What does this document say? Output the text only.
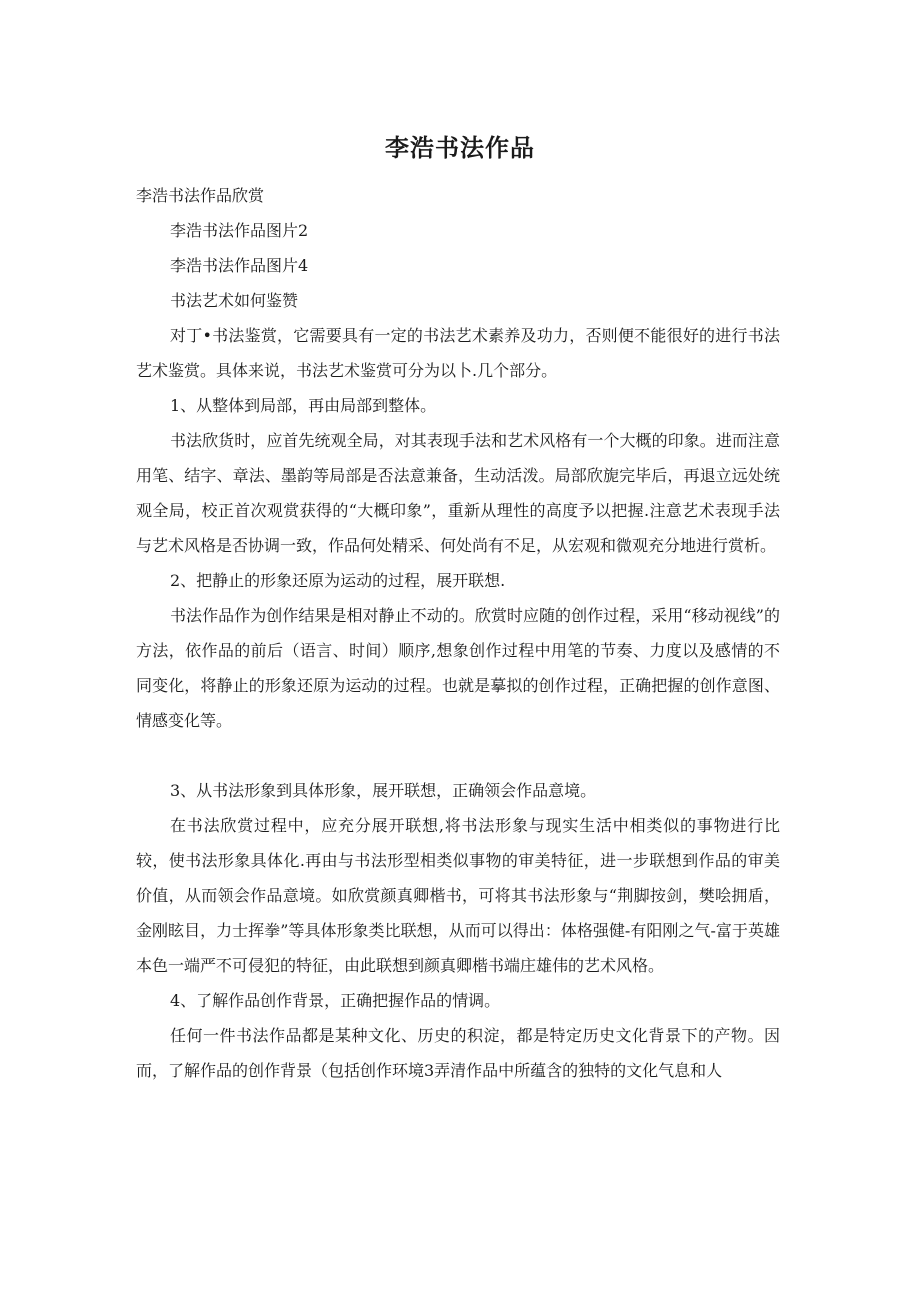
李浩书法作品

李浩书法作品欣赏

李浩书法作品图片2

李浩书法作品图片4

书法艺术如何鉴赞

对丁•书法鉴赏，它需要具有一定的书法艺术素养及功力，否则便不能很好的进行书法艺术鉴赏。具体来说，书法艺术鉴赏可分为以卜.几个部分。

1、从整体到局部，再由局部到整体。

书法欣货时，应首先统观全局，对其表现手法和艺术风格有一个大概的印象。进而注意用笔、结字、章法、墨韵等局部是否法意兼备，生动活泼。局部欣旎完毕后，再退立远处统观全局，校正首次观赏获得的“大概印象”，重新从理性的高度予以把握.注意艺术表现手法与艺术风格是否协调一致，作品何处精采、何处尚有不足，从宏观和微观充分地进行赏析。

2、把静止的形象还原为运动的过程，展开联想.

书法作品作为创作结果是相对静止不动的。欣赏时应随的创作过程，采用“移动视线”的方法，依作品的前后（语言、时间）顺序,想象创作过程中用笔的节奏、力度以及感情的不同变化，将静止的形象还原为运动的过程。也就是摹拟的创作过程，正确把握的创作意图、情感变化等。

3、从书法形象到具体形象，展开联想，正确领会作品意境。

在书法欣赏过程中，应充分展开联想,将书法形象与现实生活中相类似的事物进行比较，使书法形象具体化.再由与书法形型相类似事物的审美特征，进一步联想到作品的审美价值，从而领会作品意境。如欣赏颜真卿楷书，可将其书法形象与“荆脚按剑，樊哙拥盾，金刚眩目，力士挥拳”等具体形象类比联想，从而可以得出：体格强健-有阳刚之气-富于英雄本色一端严不可侵犯的特征，由此联想到颜真卿楷书端庄雄伟的艺术风格。

4、了解作品创作背景，正确把握作品的情调。

任何一件书法作品都是某种文化、历史的积淀，都是特定历史文化背景下的产物。因而，了解作品的创作背景（包括创作环境3弄清作品中所蕴含的独特的文化气息和人
